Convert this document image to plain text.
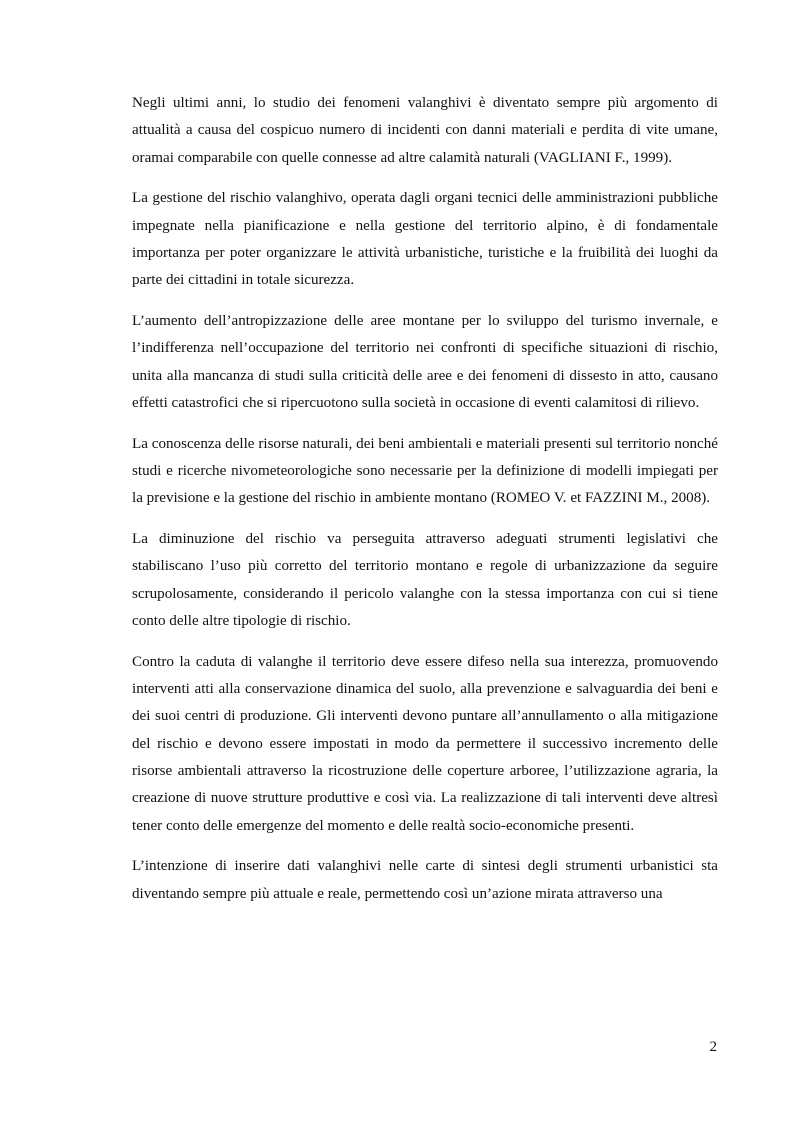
Negli ultimi anni, lo studio dei fenomeni valanghivi è diventato sempre più argomento di attualità a causa del cospicuo numero di incidenti con danni materiali e perdita di vite umane, oramai comparabile con quelle connesse ad altre calamità naturali (VAGLIANI F., 1999).

La gestione del rischio valanghivo, operata dagli organi tecnici delle amministrazioni pubbliche impegnate nella pianificazione e nella gestione del territorio alpino, è di fondamentale importanza per poter organizzare le attività urbanistiche, turistiche e la fruibilità dei luoghi da parte dei cittadini in totale sicurezza.

L’aumento dell’antropizzazione delle aree montane per lo sviluppo del turismo invernale, e l’indifferenza nell’occupazione del territorio nei confronti di specifiche situazioni di rischio, unita alla mancanza di studi sulla criticità delle aree e dei fenomeni di dissesto in atto, causano effetti catastrofici che si ripercuotono sulla società in occasione di eventi calamitosi di rilievo.

La conoscenza delle risorse naturali, dei beni ambientali e materiali presenti sul territorio nonché studi e ricerche nivometeorologiche sono necessarie per la definizione di modelli impiegati per la previsione e la gestione del rischio in ambiente montano (ROMEO V. et FAZZINI M., 2008).

La diminuzione del rischio va perseguita attraverso adeguati strumenti legislativi che stabiliscano l’uso più corretto del territorio montano e regole di urbanizzazione da seguire scrupolosamente, considerando il pericolo valanghe con la stessa importanza con cui si tiene conto delle altre tipologie di rischio.

Contro la caduta di valanghe il territorio deve essere difeso nella sua interezza, promuovendo interventi atti alla conservazione dinamica del suolo, alla prevenzione e salvaguardia dei beni e dei suoi centri di produzione. Gli interventi devono puntare all’annullamento o alla mitigazione del rischio e devono essere impostati in modo da permettere il successivo incremento delle risorse ambientali attraverso la ricostruzione delle coperture arboree, l’utilizzazione agraria, la creazione di nuove strutture produttive e così via. La realizzazione di tali interventi deve altresì tener conto delle emergenze del momento e delle realtà socio-economiche presenti.

L’intenzione di inserire dati valanghivi nelle carte di sintesi degli strumenti urbanistici sta diventando sempre più attuale e reale, permettendo così un’azione mirata attraverso una

2
